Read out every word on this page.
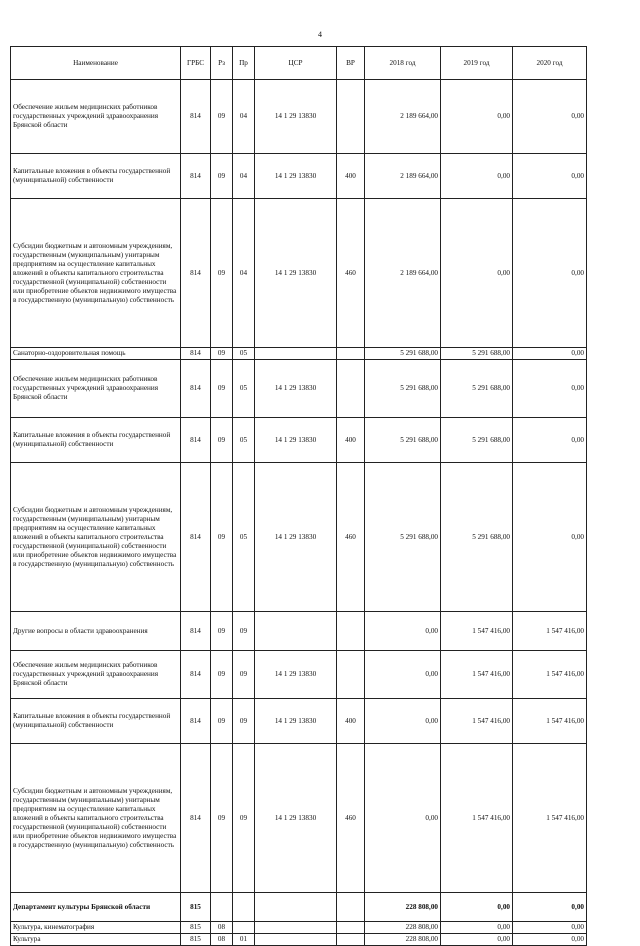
4
Наименование	ГРБС	Рз	Пр	ЦСР	ВР	2018 год	2019 год	2020 год
Обеспечение жильем медицинских работников государственных учреждений здравоохранения Брянской области	814	09	04	14 1 29 13830		2 189 664,00	0,00	0,00
Капитальные вложения в объекты государственной (муниципальной) собственности	814	09	04	14 1 29 13830	400	2 189 664,00	0,00	0,00
Субсидии бюджетным и автономным учреждениям, государственным (мукиципальным) унитарным предприятиям на осуществление капитальных вложений в объекты капитального строительства государственной (муниципальной) собственности или приобретение объектов недвижимого имущества в государственную (муниципальную) собственность	814	09	04	14 1 29 13830	460	2 189 664,00	0,00	0,00
Санаторно-оздоровительная помощь	814	09	05			5 291 688,00	5 291 688,00	0,00
Обеспечение жильем медицинских работников государственных учреждений здравоохранения Брянской области	814	09	05	14 1 29 13830		5 291 688,00	5 291 688,00	0,00
Капитальные вложения в объекты государственной (муниципальной) собственности	814	09	05	14 1 29 13830	400	5 291 688,00	5 291 688,00	0,00
Субсидии бюджетным и автономным учреждениям, государственным (муниципальным) унитарным предприятиям на осуществление капитальных вложений в объекты капитального строительства государственной (муниципальной) собственности или приобретение объектов недвижимого имущества в государственную (муниципальную) собственность	814	09	05	14 1 29 13830	460	5 291 688,00	5 291 688,00	0,00
Другие вопросы в области здравоохранения	814	09	09			0,00	1 547 416,00	1 547 416,00
Обеспечение жильем медицинских работников государственных учреждений здравоохранения Брянской области	814	09	09	14 1 29 13830		0,00	1 547 416,00	1 547 416,00
Капитальные вложения в объекты государственной (муниципальной) собственности	814	09	09	14 1 29 13830	400	0,00	1 547 416,00	1 547 416,00
Субсидии бюджетным и автономным учреждениям, государственным (муниципальным) унитарным предприятиям на осуществление капитальных вложений в объекты капитального строительства государственной (муниципальной) собственности или приобретение объектов недвижимого имущества в государственную (муниципальную) собственность	814	09	09	14 1 29 13830	460	0,00	1 547 416,00	1 547 416,00
Департамент культуры Брянской области	815					228 808,00	0,00	0,00
Культура, кинематография	815	08				228 808,00	0,00	0,00
Культура	815	08	01			228 808,00	0,00	0,00
